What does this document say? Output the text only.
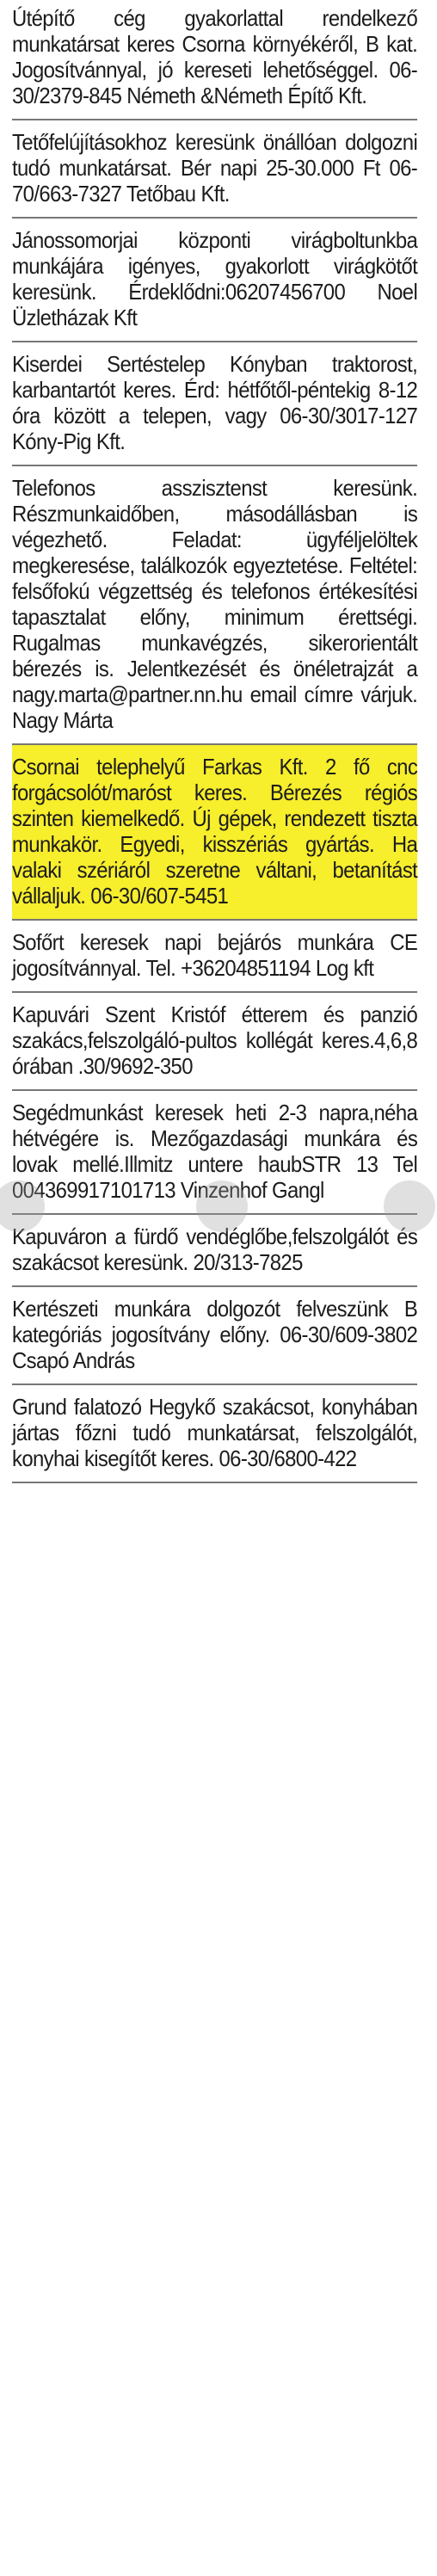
Útépítő cég gyakorlattal rendelkező munkatársat keres Csorna környékéről, B kat. Jogosítvánnyal, jó kereseti lehetőséggel. 06-30/2379-845 Németh &Németh Építő Kft.
Tetőfelújításokhoz keresünk önállóan dolgozni tudó munkatársat. Bér napi 25-30.000 Ft 06-70/663-7327 Tetőbau Kft.
Jánossomorjai központi virágboltunkba munkájára igényes, gyakorlott virágkötőt keresünk. Érdeklődni:06207456700 Noel Üzletházak Kft
Kiserdei Sertéstelep Kónyban traktorost, karbantartót keres. Érd: hétfőtől-péntekig 8-12 óra között a telepen, vagy 06-30/3017-127 Kóny-Pig Kft.
Telefonos asszisztenst keresünk. Részmunkaidőben, másodállásban is végezhető. Feladat: ügyféljelöltek megkeresése, találkozók egyeztetése. Feltétel: felsőfokú végzettség és telefonos értékesítési tapasztalat előny, minimum érettségi. Rugalmas munkavégzés, sikerorientált bérezés is. Jelentkezését és önéletrajzát a nagy.marta@partner.nn.hu email címre várjuk. Nagy Márta
Csornai telephelyű Farkas Kft. 2 fő cnc forgácsolót/maróst keres. Bérezés régiós szinten kiemelkedő. Új gépek, rendezett tiszta munkakör. Egyedi, kisszériás gyártás. Ha valaki szériáról szeretne váltani, betanítást vállaljuk. 06-30/607-5451
Sofőrt keresek napi bejárós munkára CE jogosítvánnyal. Tel. +36204851194 Log kft
Kapuvári Szent Kristóf étterem és panzió szakács,felszolgáló-pultos kollégát keres.4,6,8 órában .30/9692-350
Segédmunkást keresek heti 2-3 napra,néha hétvégére is. Mezőgazdasági munkára és lovak mellé.Illmitz untere haubSTR 13 Tel 004369917101713 Vinzenhof Gangl
Kapuváron a fürdő vendéglőbe,felszolgálót és szakácsot keresünk. 20/313-7825
Kertészeti munkára dolgozót felveszünk B kategóriás jogosítvány előny. 06-30/609-3802 Csapó András
Grund falatozó Hegykő szakácsot, konyhában jártas főzni tudó munkatársat, felszolgálót, konyhai kisegítőt keres. 06-30/6800-422
